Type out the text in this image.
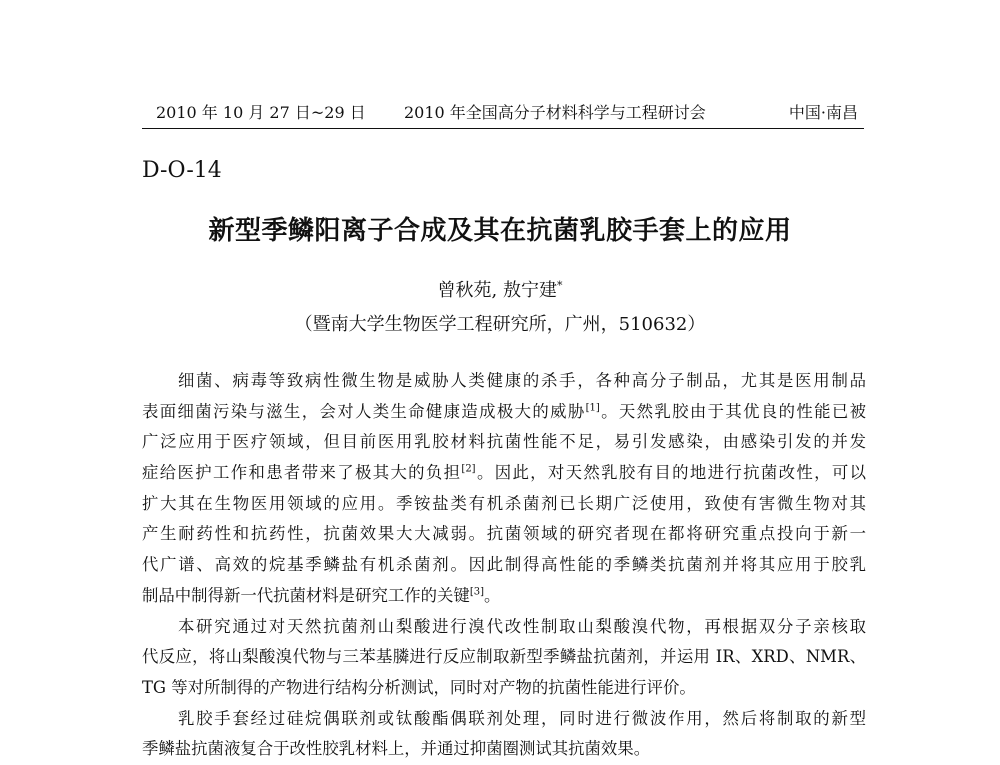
2010 年 10 月 27 日~29 日 2010 年全国高分子材料科学与工程研讨会	中国·南昌
D-O-14
新型季鳞阳离子合成及其在抗菌乳胶手套上的应用
曾秋苑, 敖宁建*
（暨南大学生物医学工程研究所，广州，510632）
细菌、病毒等致病性微生物是威胁人类健康的杀手，各种高分子制品，尤其是医用制品
表面细菌污染与滋生，会对人类生命健康造成极大的威胁[1]。天然乳胶由于其优良的性能已被
广泛应用于医疗领域，但目前医用乳胶材料抗菌性能不足，易引发感染，由感染引发的并发
症给医护工作和患者带来了极其大的负担[2]。因此，对天然乳胶有目的地进行抗菌改性，可以
扩大其在生物医用领域的应用。季铵盐类有机杀菌剂已长期广泛使用，致使有害微生物对其
产生耐药性和抗药性，抗菌效果大大减弱。抗菌领域的研究者现在都将研究重点投向于新一
代广谱、高效的烷基季鳞盐有机杀菌剂。因此制得高性能的季鳞类抗菌剂并将其应用于胶乳
制品中制得新一代抗菌材料是研究工作的关键[3]。
本研究通过对天然抗菌剂山梨酸进行溴代改性制取山梨酸溴代物，再根据双分子亲核取
代反应，将山梨酸溴代物与三苯基膦进行反应制取新型季鳞盐抗菌剂，并运用 IR、XRD、NMR、
TG 等对所制得的产物进行结构分析测试，同时对产物的抗菌性能进行评价。
乳胶手套经过硅烷偶联剂或钛酸酯偶联剂处理，同时进行微波作用，然后将制取的新型
季鳞盐抗菌液复合于改性胶乳材料上，并通过抑菌圈测试其抗菌效果。
